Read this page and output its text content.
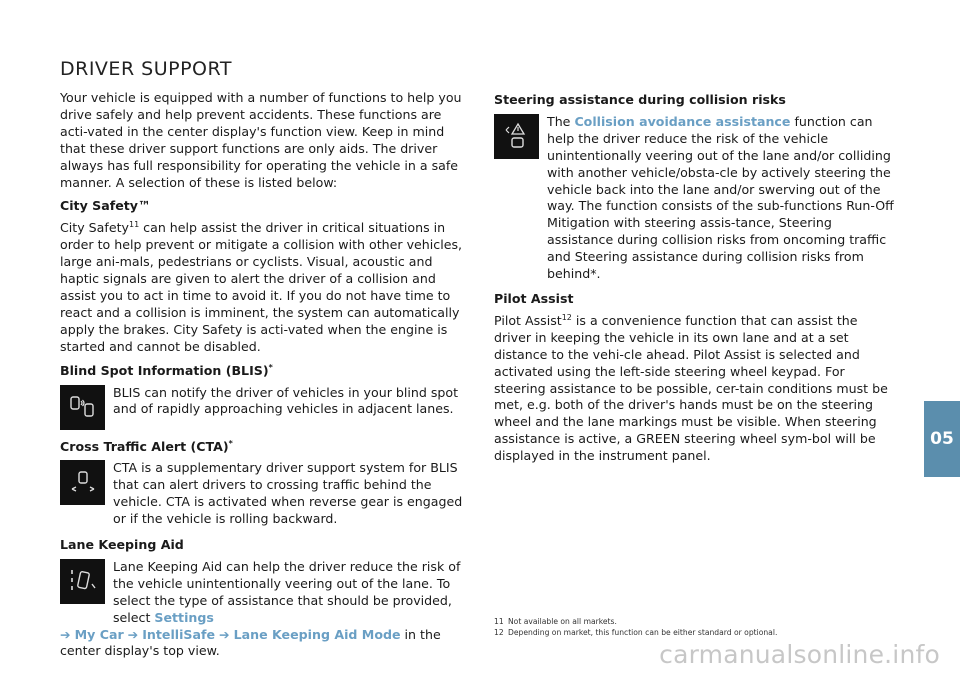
DRIVER SUPPORT

Your vehicle is equipped with a number of functions to help you drive safely and help prevent accidents. These functions are acti-vated in the center display's function view. Keep in mind that these driver support functions are only aids. The driver always has full responsibility for operating the vehicle in a safe manner. A selection of these is listed below:

City Safety™

City Safety$^{11}$ can help assist the driver in critical situations in order to help prevent or mitigate a collision with other vehicles, large ani-mals, pedestrians or cyclists. Visual, acoustic and haptic signals are given to alert the driver of a collision and assist you to act in time to avoid it. If you do not have time to react and a collision is imminent, the system can automatically apply the brakes. City Safety is acti-vated when the engine is started and cannot be disabled.

Blind Spot Information (BLIS)*

BLIS can notify the driver of vehicles in your blind spot and of rapidly approaching vehicles in adjacent lanes.

Cross Traffic Alert (CTA)*

CTA is a supplementary driver support system for BLIS that can alert drivers to crossing traffic behind the vehicle. CTA is activated when reverse gear is engaged or if the vehicle is rolling backward.

Lane Keeping Aid

Lane Keeping Aid can help the driver reduce the risk of the vehicle unintentionally veering out of the lane. To select the type of assistance that should be provided, select Settings

➔ My Car ➔ IntelliSafe ➔ Lane Keeping Aid Mode in the center display's top view.

Steering assistance during collision risks

The Collision avoidance assistance function can help the driver reduce the risk of the vehicle unintentionally veering out of the lane and/or colliding with another vehicle/obsta-cle by actively steering the vehicle back into the lane and/or swerving out of the way. The function consists of the sub-functions Run-Off Mitigation with steering assis-tance, Steering assistance during collision risks from oncoming traffic and Steering assistance during collision risks from behind*.

Pilot Assist

Pilot Assist$^{12}$ is a convenience function that can assist the driver in keeping the vehicle in its own lane and at a set distance to the vehi-cle ahead. Pilot Assist is selected and activated using the left-side steering wheel keypad. For steering assistance to be possible, cer-tain conditions must be met, e.g. both of the driver's hands must be on the steering wheel and the lane markings must be visible. When steering assistance is active, a GREEN steering wheel sym-bol will be displayed in the instrument panel.

11 Not available on all markets.
12 Depending on market, this function can be either standard or optional.
05
carmanualsonline.info
